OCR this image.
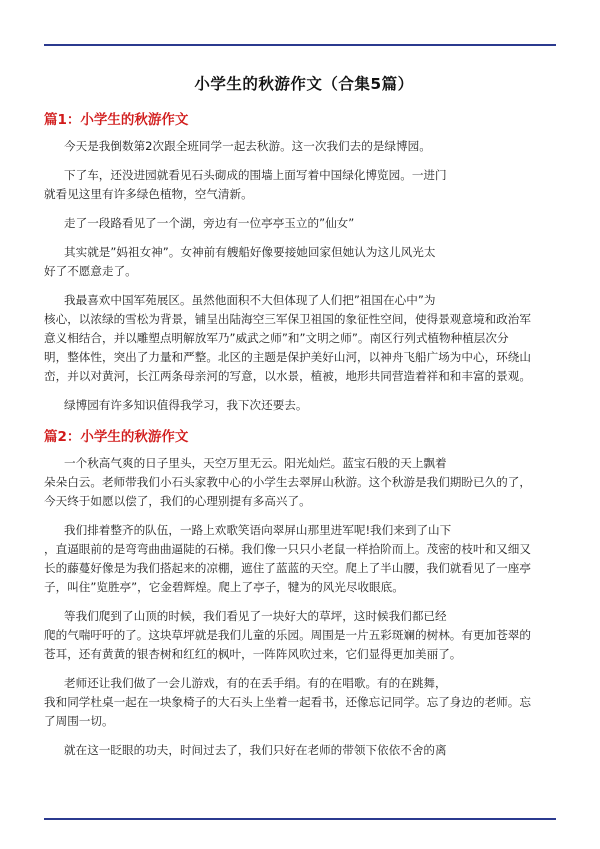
小学生的秋游作文（合集5篇）
篇1：小学生的秋游作文

今天是我倒数第2次跟全班同学一起去秋游。这一次我们去的是绿博园。

下了车，还没进园就看见石头砌成的围墙上面写着中国绿化博览园。一进门
就看见这里有许多绿色植物，空气清新。

走了一段路看见了一个湖，旁边有一位亭亭玉立的”仙女”

其实就是”妈祖女神”。女神前有艘船好像要接她回家但她认为这儿风光太
好了不愿意走了。

我最喜欢中国军苑展区。虽然他面积不大但体现了人们把”祖国在心中”为
核心，以浓绿的雪松为背景，铺呈出陆海空三军保卫祖国的象征性空间，使得景观意境和政治军
意义相结合，并以雕塑点明解放军乃”威武之师”和”文明之师”。南区行列式植物种植层次分
明，整体性，突出了力量和严整。北区的主题是保护美好山河，以神舟飞船广场为中心，环绕山
峦，并以对黄河，长江两条母亲河的写意，以水景，植被，地形共同营造着祥和和丰富的景观。

绿博园有许多知识值得我学习，我下次还要去。

篇2：小学生的秋游作文

一个秋高气爽的日子里头，天空万里无云。阳光灿烂。蓝宝石般的天上飘着
朵朵白云。老师带我们小石头家教中心的小学生去翠屏山秋游。这个秋游是我们期盼已久的了，
今天终于如愿以偿了，我们的心理别提有多高兴了。

我们排着整齐的队伍，一路上欢歌笑语向翠屏山那里进军呢!我们来到了山下
，直逼眼前的是弯弯曲曲逼陡的石梯。我们像一只只小老鼠一样拾阶而上。茂密的枝叶和又细又
长的藤蔓好像是为我们搭起来的凉棚，遮住了蓝蓝的天空。爬上了半山腰，我们就看见了一座亭
子，叫住”览胜亭”，它金碧辉煌。爬上了亭子，犍为的风光尽收眼底。

等我们爬到了山顶的时候，我们看见了一块好大的草坪，这时候我们都已经
爬的气喘吁吁的了。这块草坪就是我们儿童的乐园。周围是一片五彩斑斓的树林。有更加苍翠的
苍耳，还有黄黄的银杏树和红红的枫叶，一阵阵风吹过来，它们显得更加美丽了。

老师还让我们做了一会儿游戏，有的在丢手绢。有的在唱歌。有的在跳舞，
我和同学杜桌一起在一块象椅子的大石头上坐着一起看书，还像忘记同学。忘了身边的老师。忘
了周围一切。

就在这一眨眼的功夫，时间过去了，我们只好在老师的带领下依依不舍的离
